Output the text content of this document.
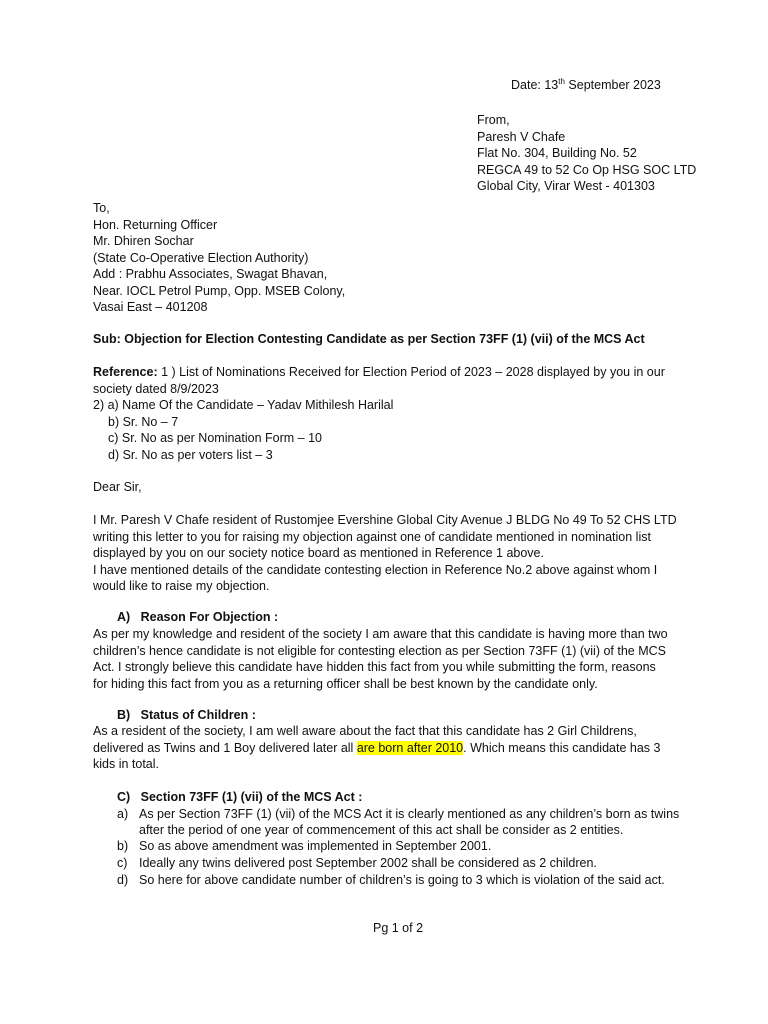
Date: 13th September 2023
From,
Paresh V Chafe
Flat No. 304, Building No. 52
REGCA 49 to 52 Co Op HSG SOC LTD
Global City, Virar West - 401303
To,
Hon. Returning Officer
Mr. Dhiren Sochar
(State Co-Operative Election Authority)
Add : Prabhu Associates, Swagat Bhavan,
Near. IOCL Petrol Pump, Opp. MSEB Colony,
Vasai East – 401208
Sub: Objection for Election Contesting Candidate as per Section 73FF (1) (vii) of the MCS Act
Reference: 1 ) List of Nominations Received for Election Period of 2023 – 2028 displayed by you in our
society dated 8/9/2023
2) a) Name Of the Candidate – Yadav Mithilesh Harilal
b) Sr. No – 7
c) Sr. No as per Nomination Form – 10
d) Sr. No as per voters list – 3
Dear Sir,
I Mr. Paresh V Chafe resident of Rustomjee Evershine Global City Avenue J BLDG No 49 To 52 CHS LTD
writing this letter to you for raising my objection against one of candidate mentioned in nomination list
displayed by you on our society notice board as mentioned in Reference 1 above.
I have mentioned details of the candidate contesting election in Reference No.2 above against whom I
would like to raise my objection.
A)   Reason For Objection :
As per my knowledge and resident of the society I am aware that this candidate is having more than two
children’s hence candidate is not eligible for contesting election as per Section 73FF (1) (vii) of the MCS
Act. I strongly believe this candidate have hidden this fact from you while submitting the form, reasons
for hiding this fact from you as a returning officer shall be best known by the candidate only.
B)   Status of Children :
As a resident of the society, I am well aware about the fact that this candidate has 2 Girl Childrens,
delivered as Twins and 1 Boy delivered later all are born after 2010. Which means this candidate has 3
kids in total.
C)   Section 73FF (1) (vii) of the MCS Act :
a) As per Section 73FF (1) (vii) of the MCS Act it is clearly mentioned as any children’s born as twins
after the period of one year of commencement of this act shall be consider as 2 entities.
b) So as above amendment was implemented in September 2001.
c) Ideally any twins delivered post September 2002 shall be considered as 2 children.
d) So here for above candidate number of children’s is going to 3 which is violation of the said act.
Pg 1 of 2
